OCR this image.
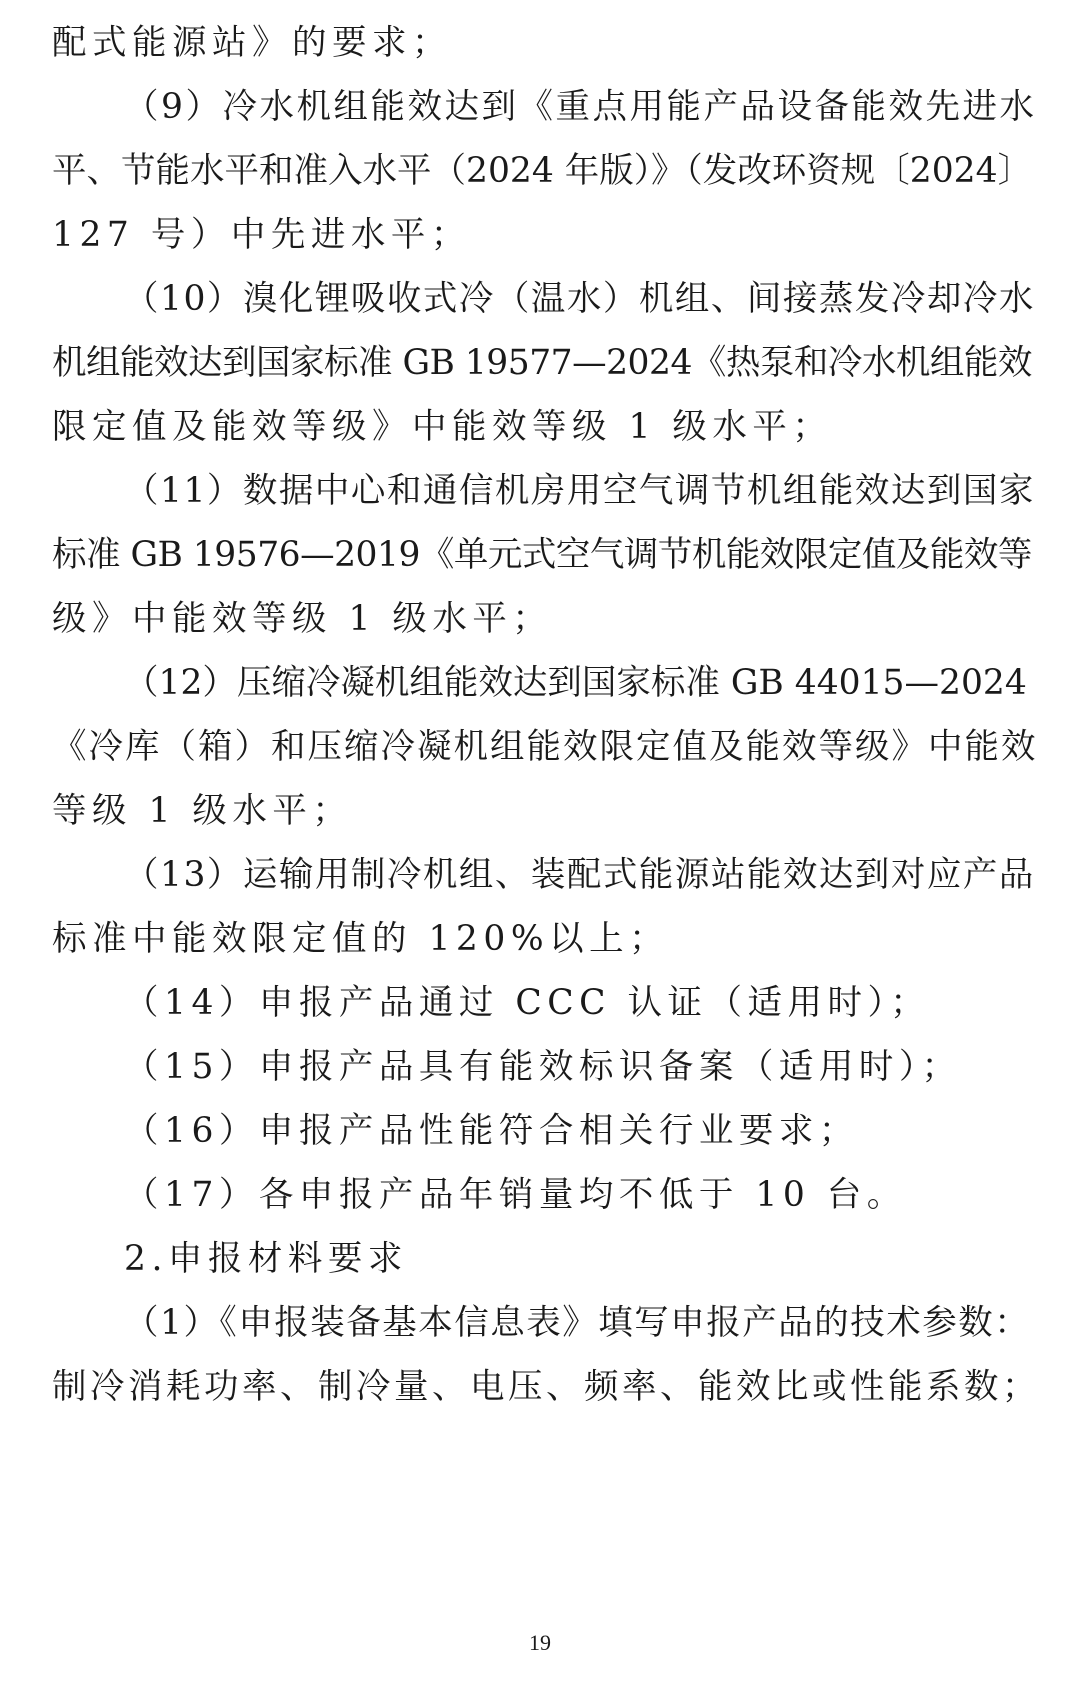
配式能源站》的要求；
（9）冷水机组能效达到《重点用能产品设备能效先进水
平、节能水平和准入水平（2024 年版）》（发改环资规〔2024〕
127 号）中先进水平；
（10）溴化锂吸收式冷（温水）机组、间接蒸发冷却冷水
机组能效达到国家标准 GB 19577—2024《热泵和冷水机组能效
限定值及能效等级》中能效等级 1 级水平；
（11）数据中心和通信机房用空气调节机组能效达到国家
标准 GB 19576—2019《单元式空气调节机能效限定值及能效等
级》中能效等级 1 级水平；
（12）压缩冷凝机组能效达到国家标准 GB 44015—2024
《冷库（箱）和压缩冷凝机组能效限定值及能效等级》中能效
等级 1 级水平；
（13）运输用制冷机组、装配式能源站能效达到对应产品
标准中能效限定值的 120%以上；
（14）申报产品通过 CCC 认证（适用时）；
（15）申报产品具有能效标识备案（适用时）；
（16）申报产品性能符合相关行业要求；
（17）各申报产品年销量均不低于 10 台。
2.申报材料要求
（1）《申报装备基本信息表》填写申报产品的技术参数：
制冷消耗功率、制冷量、电压、频率、能效比或性能系数；
19
